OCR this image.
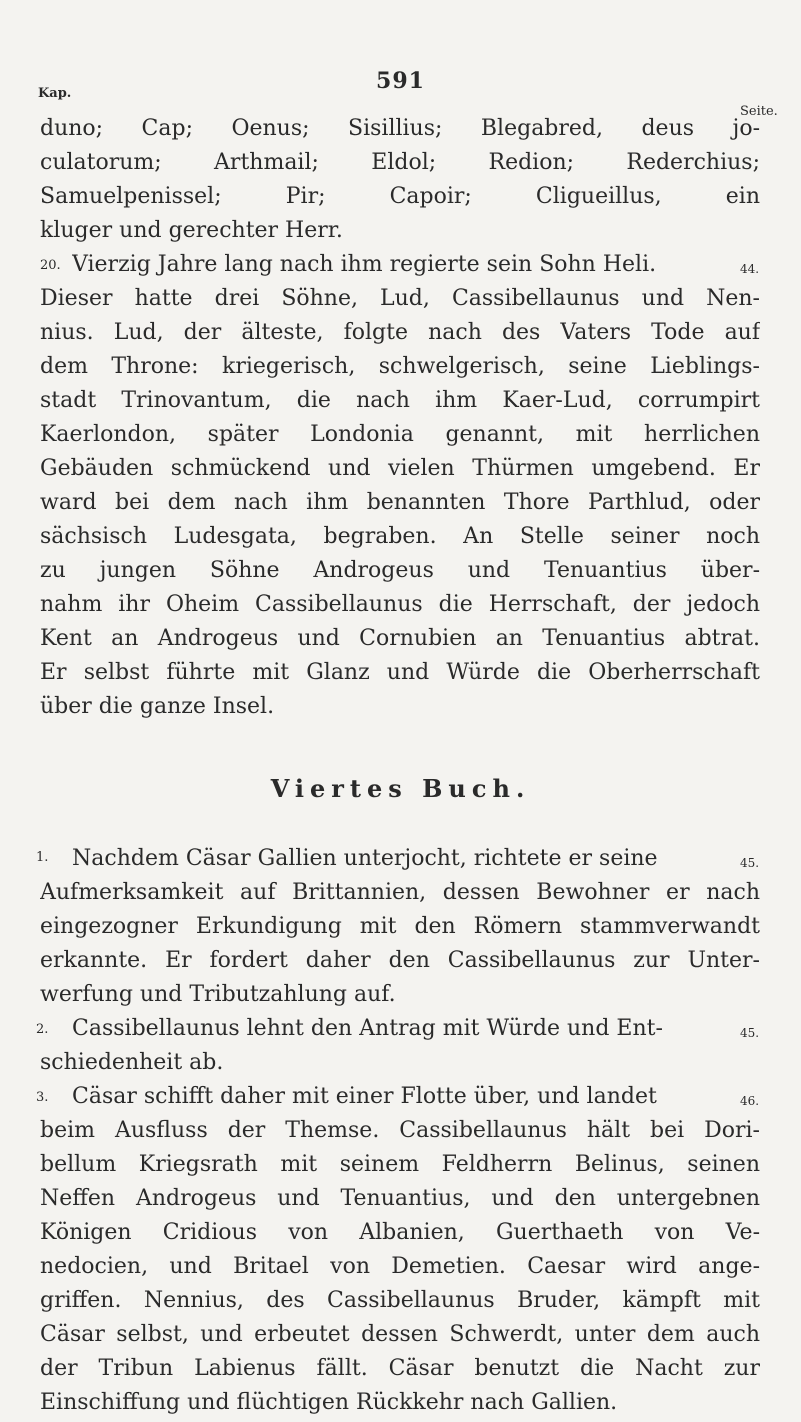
591
Kap.
Seite.
duno; Cap; Oenus; Sisillius; Blegabred, deus jo-
culatorum; Arthmail; Eldol; Redion; Rederchius;
Samuelpenissel; Pir; Capoir; Cligueillus, ein
kluger und gerechter Herr.
20. Vierzig Jahre lang nach ihm regierte sein Sohn Heli.	44.
Dieser hatte drei Söhne, Lud, Cassibellaunus und Nen-
nius. Lud, der älteste, folgte nach des Vaters Tode auf
dem Throne: kriegerisch, schwelgerisch, seine Lieblings-
stadt Trinovantum, die nach ihm Kaer-Lud, corrumpirt
Kaerlondon, später Londonia genannt, mit herrlichen
Gebäuden schmückend und vielen Thürmen umgebend. Er
ward bei dem nach ihm benannten Thore Parthlud, oder
sächsisch Ludesgata, begraben. An Stelle seiner noch
zu jungen Söhne Androgeus und Tenuantius über-
nahm ihr Oheim Cassibellaunus die Herrschaft, der jedoch
Kent an Androgeus und Cornubien an Tenuantius abtrat.
Er selbst führte mit Glanz und Würde die Oberherrschaft
über die ganze Insel.
Viertes Buch.
1. Nachdem Cäsar Gallien unterjocht, richtete er seine	45.
Aufmerksamkeit auf Brittannien, dessen Bewohner er nach
eingezogner Erkundigung mit den Römern stammverwandt
erkannte. Er fordert daher den Cassibellaunus zur Unter-
werfung und Tributzahlung auf.
2. Cassibellaunus lehnt den Antrag mit Würde und Ent-	45.
schiedenheit ab.
3. Cäsar schifft daher mit einer Flotte über, und landet	46.
beim Ausfluss der Themse. Cassibellaunus hält bei Dori-
bellum Kriegsrath mit seinem Feldherrn Belinus, seinen
Neffen Androgeus und Tenuantius, und den untergebnen
Königen Cridious von Albanien, Guerthaeth von Ve-
nedocien, und Britael von Demetien. Caesar wird ange-
griffen. Nennius, des Cassibellaunus Bruder, kämpft mit
Cäsar selbst, und erbeutet dessen Schwerdt, unter dem auch
der Tribun Labienus fällt. Cäsar benutzt die Nacht zur
Einschiffung und flüchtigen Rückkehr nach Gallien.
